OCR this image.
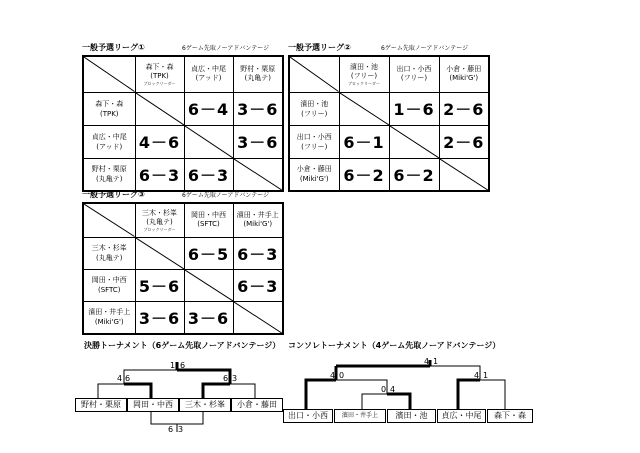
一般予選リーグ①	6ゲーム先取ノーアドバンテージ
	森下・森
(TPK)
ブロックリーダー	貞広・中尾
(アッド)	野村・栗原
(丸亀テ)
森下・森
(TPK)		6－4	3－6
貞広・中尾
(アッド)	4－6		3－6
野村・栗原
(丸亀テ)	6－3	6－3	
一般予選リーグ②	6ゲーム先取ノーアドバンテージ
	濱田・池
(フリー)
ブロックリーダー	出口・小西
(フリー)	小倉・藤田
(Miki'G')
濱田・池
(フリー)		1－6	2－6
出口・小西
(フリー)	6－1		2－6
小倉・藤田
(Miki'G')	6－2	6－2	
一般予選リーグ③	6ゲーム先取ノーアドバンテージ
	三木・杉峯
(丸亀テ)
ブロックリーダー	岡田・中西
(SFTC)	濱田・井手上
(Miki'G')
三木・杉峯
(丸亀テ)		6－5	6－3
岡田・中西
(SFTC)	5－6		6－3
濱田・井手上
(Miki'G')	3－6	3－6	
決勝トーナメント（6ゲーム先取ノーアドバンテージ）
4 6
1 6
6 3
6 3
野村・栗原	岡田・中西	三木・杉峯	小倉・藤田
コンソレトーナメント（4ゲーム先取ノーアドバンテージ）
4 0
0 4
4 1
4 1
出口・小西	濱田・井手上	濱田・池	貞広・中尾	森下・森
